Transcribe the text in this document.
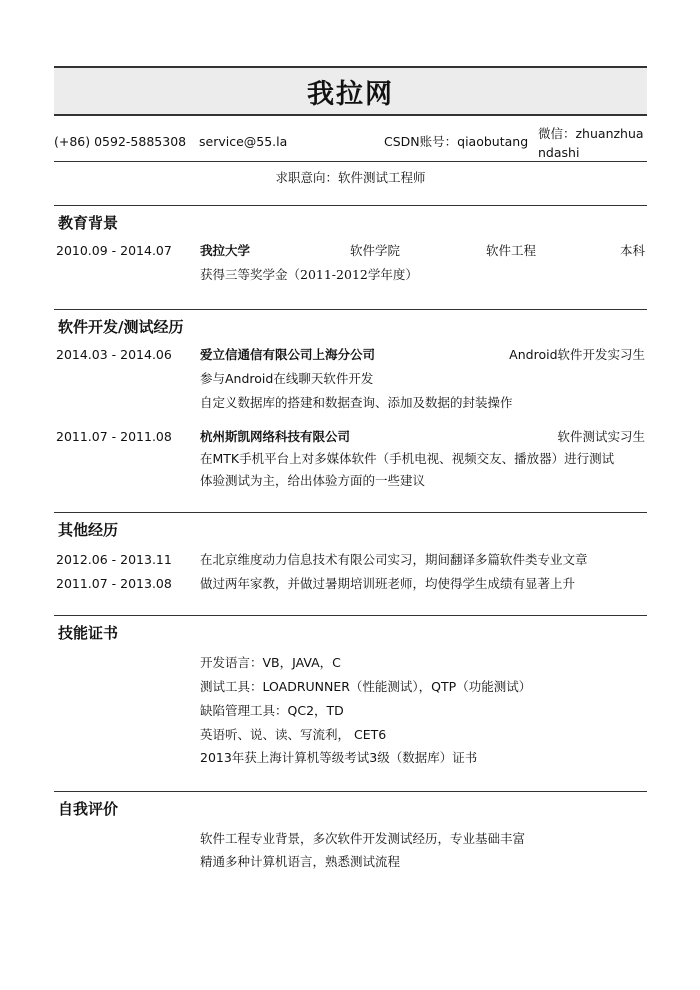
我拉网
(+86) 0592-5885308 service@55.la	CSDN账号：qiaobutang
微信：zhuanzhuandashi
求职意向：软件测试工程师
教育背景
2010.09 - 2014.07 我拉大学	软件学院	软件工程	本科
获得三等奖学金（2011-2012学年度）
软件开发/测试经历
2014.03 - 2014.06 爱立信通信有限公司上海分公司	Android软件开发实习生
参与Android在线聊天软件开发
自定义数据库的搭建和数据查询、添加及数据的封装操作
2011.07 - 2011.08 杭州斯凯网络科技有限公司	软件测试实习生
在MTK手机平台上对多媒体软件（手机电视、视频交友、播放器）进行测试
体验测试为主，给出体验方面的一些建议
其他经历
2012.06 - 2013.11 在北京维度动力信息技术有限公司实习，期间翻译多篇软件类专业文章
2011.07 - 2013.08 做过两年家教，并做过暑期培训班老师，均使得学生成绩有显著上升
技能证书
开发语言：VB，JAVA，C
测试工具：LOADRUNNER（性能测试），QTP（功能测试）
缺陷管理工具：QC2，TD
英语听、说、读、写流利， CET6
2013年获上海计算机等级考试3级（数据库）证书
自我评价
软件工程专业背景，多次软件开发测试经历，专业基础丰富
精通多种计算机语言，熟悉测试流程
